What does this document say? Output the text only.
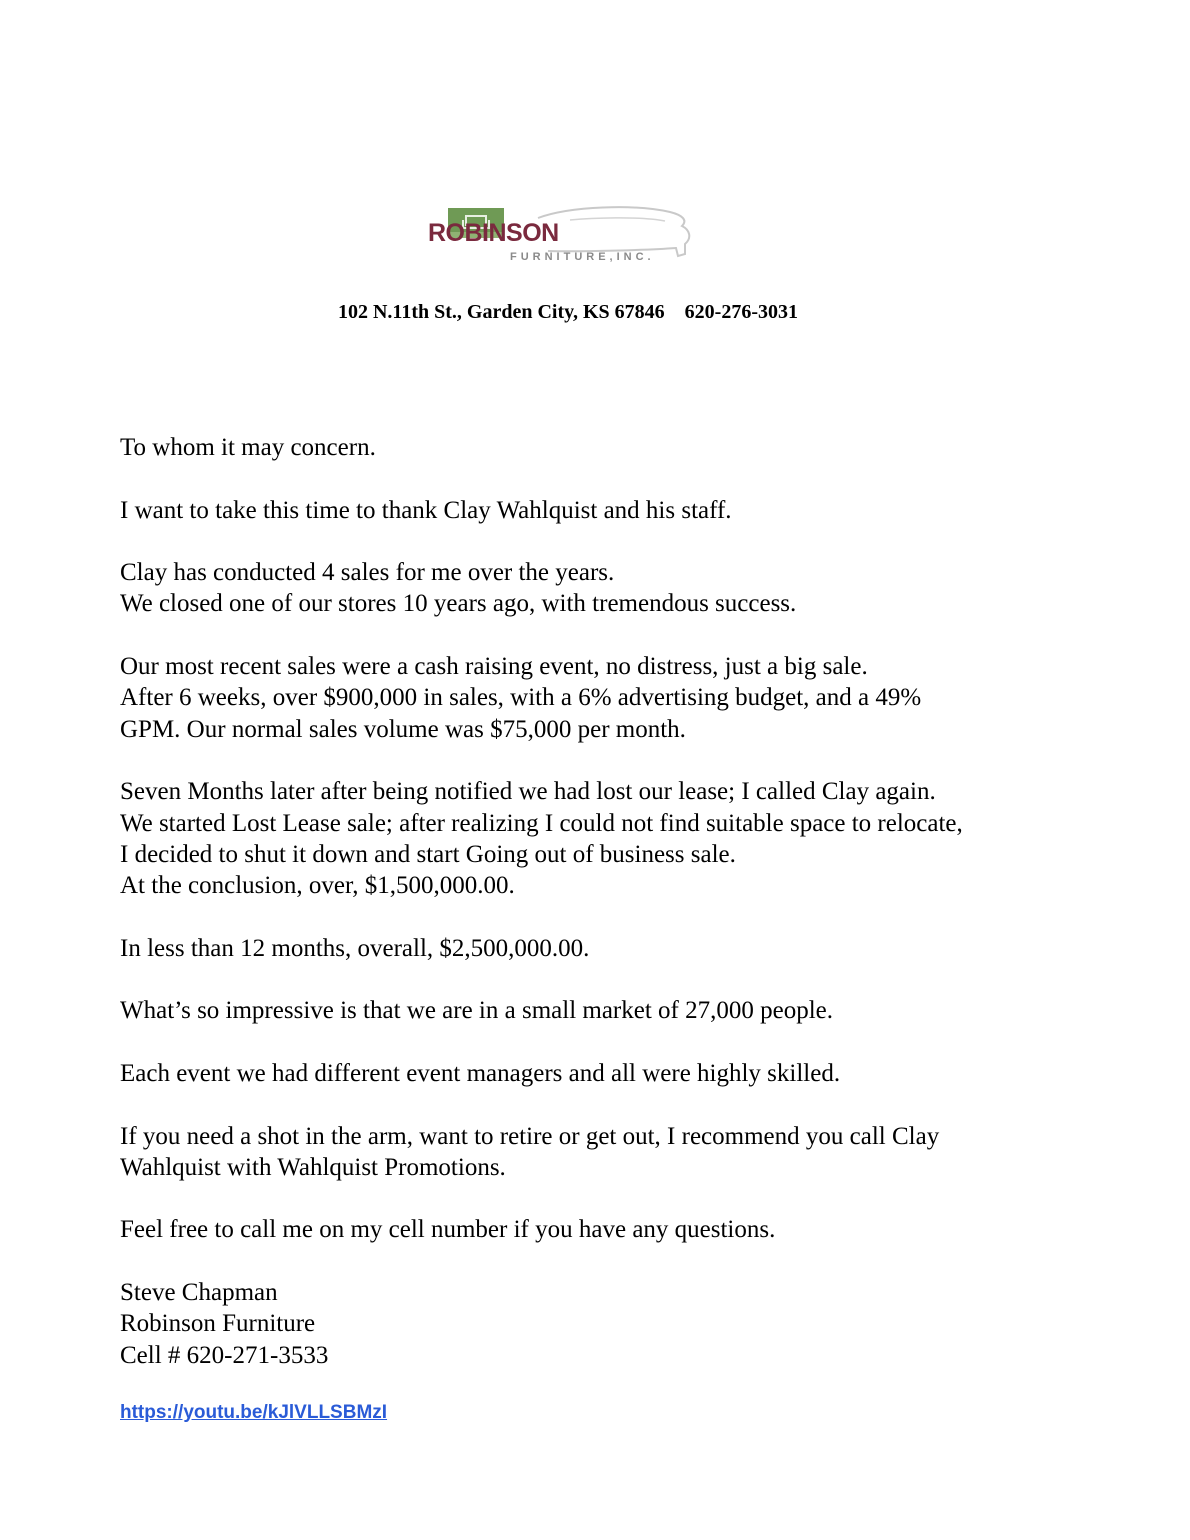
ROBINSON
FURNITURE,INC.
102 N.11th St., Garden City, KS 67846    620-276-3031
To whom it may concern.
I want to take this time to thank Clay Wahlquist and his staff.
Clay has conducted 4 sales for me over the years.
We closed one of our stores 10 years ago, with tremendous success.
Our most recent sales were a cash raising event, no distress, just a big sale.
After 6 weeks, over $900,000 in sales, with a 6% advertising budget, and a 49%
GPM. Our normal sales volume was $75,000 per month.
Seven Months later after being notified we had lost our lease; I called Clay again.
We started Lost Lease sale; after realizing I could not find suitable space to relocate,
I decided to shut it down and start Going out of business sale.
At the conclusion, over, $1,500,000.00.
In less than 12 months, overall, $2,500,000.00.
What’s so impressive is that we are in a small market of 27,000 people.
Each event we had different event managers and all were highly skilled.
If you need a shot in the arm, want to retire or get out, I recommend you call Clay
Wahlquist with Wahlquist Promotions.
Feel free to call me on my cell number if you have any questions.
Steve Chapman
Robinson Furniture
Cell # 620-271-3533
https://youtu.be/kJlVLLSBMzI
